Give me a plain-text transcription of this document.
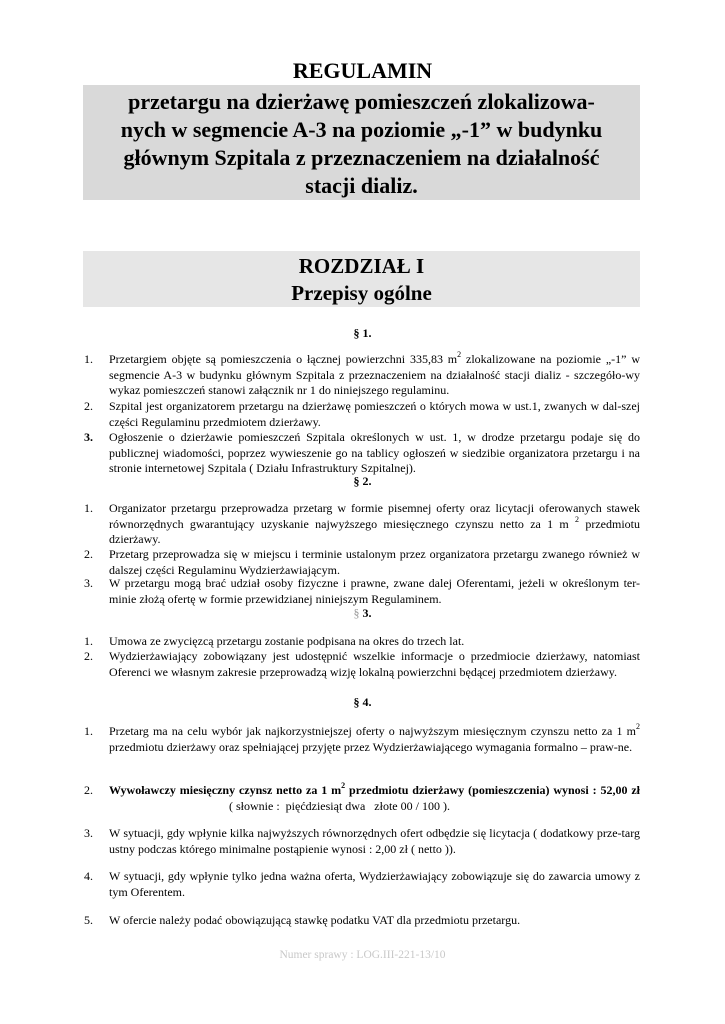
REGULAMIN
przetargu na dzierżawę pomieszczeń zlokalizowa-
nych w segmencie A-3 na poziomie „-1” w budynku
głównym Szpitala z przeznaczeniem na działalność
stacji dializ.
ROZDZIAŁ I
Przepisy ogólne
§ 1.
1. Przetargiem objęte są pomieszczenia o łącznej powierzchni 335,83 $m^2$ zlokalizowane na poziomie „-1” w segmencie A-3 w budynku głównym Szpitala z przeznaczeniem na działalność stacji dializ - szczegóło-wy wykaz pomieszczeń stanowi załącznik nr 1 do niniejszego regulaminu.
2. Szpital jest organizatorem przetargu na dzierżawę pomieszczeń o których mowa w ust.1, zwanych w dal-szej części Regulaminu przedmiotem dzierżawy.
3. Ogłoszenie o dzierżawie pomieszczeń Szpitala określonych w ust. 1, w drodze przetargu podaje się do publicznej wiadomości, poprzez wywieszenie go na tablicy ogłoszeń w siedzibie organizatora przetargu i na stronie internetowej Szpitala ( Działu Infrastruktury Szpitalnej).
§ 2.
1. Organizator przetargu przeprowadza przetarg w formie pisemnej oferty oraz licytacji oferowanych stawek równorzędnych gwarantujący uzyskanie najwyższego miesięcznego czynszu netto za 1 m $^2$ przedmiotu dzierżawy.
2. Przetarg przeprowadza się w miejscu i terminie ustalonym przez organizatora przetargu zwanego również w dalszej części Regulaminu Wydzierżawiającym.
3. W przetargu mogą brać udział osoby fizyczne i prawne, zwane dalej Oferentami, jeżeli w określonym ter-minie złożą ofertę w formie przewidzianej niniejszym Regulaminem.
§ 3.
1. Umowa ze zwycięzcą przetargu zostanie podpisana na okres do trzech lat.
2. Wydzierżawiający zobowiązany jest udostępnić wszelkie informacje o przedmiocie dzierżawy, natomiast Oferenci we własnym zakresie przeprowadzą wizję lokalną powierzchni będącej przedmiotem dzierżawy.
§ 4.
1. Przetarg ma na celu wybór jak najkorzystniejszej oferty o najwyższym miesięcznym czynszu netto za 1 $m^2$ przedmiotu dzierżawy oraz spełniającej przyjęte przez Wydzierżawiającego wymagania formalno – praw-ne.
2. Wywoławczy miesięczny czynsz netto za 1 $m^2$ przedmiotu dzierżawy (pomieszczenia) wynosi : 52,00 zł                                        ( słownie :  pięćdziesiąt dwa   złote 00 / 100 ).
3. W sytuacji, gdy wpłynie kilka najwyższych równorzędnych ofert odbędzie się licytacja ( dodatkowy prze-targ ustny podczas którego minimalne postąpienie wynosi : 2,00 zł ( netto )).
4. W sytuacji, gdy wpłynie tylko jedna ważna oferta, Wydzierżawiający zobowiązuje się do zawarcia umowy z tym Oferentem.
5. W ofercie należy podać obowiązującą stawkę podatku VAT dla przedmiotu przetargu.
Numer sprawy : LOG.III-221-13/10
